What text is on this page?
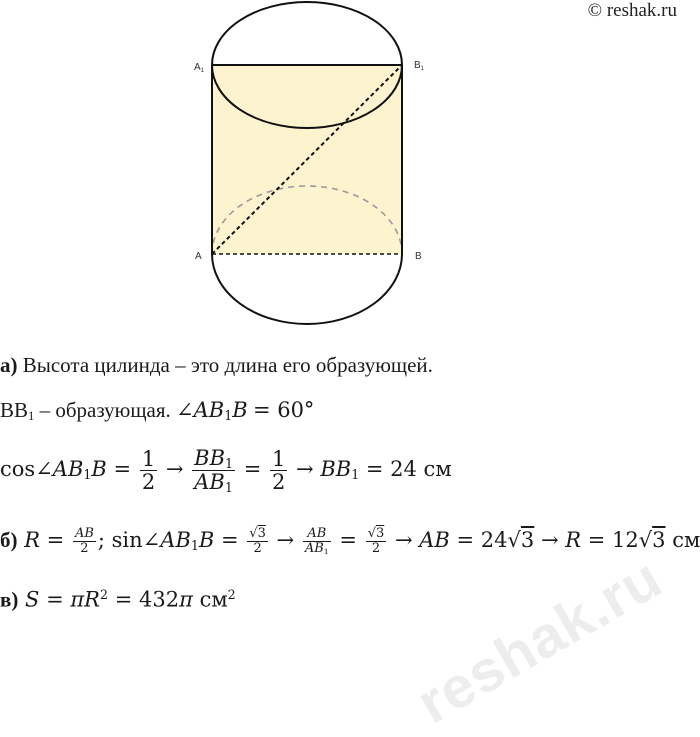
© reshak.ru
$A_1$	$B_1$
A	B
а) Высота цилинда – это длина его образующей.
$BB_1$ – образующая. $\angle AB_1B = 60^\circ$
$\cos\angle AB_1B = \frac{1}{2} \to \frac{BB_1}{AB_1} = \frac{1}{2} \to BB_1 = 24$ см
б) $R = \frac{AB}{2}$ ; $\sin\angle AB_1B = \frac{√3}{2} \to \frac{AB}{AB_1} = \frac{√3}{2}$ → AB = 24√3 → R = 12√3 см
в) $S = \pi R^2 = 432\pi$ $см^2$	reshak.ru
